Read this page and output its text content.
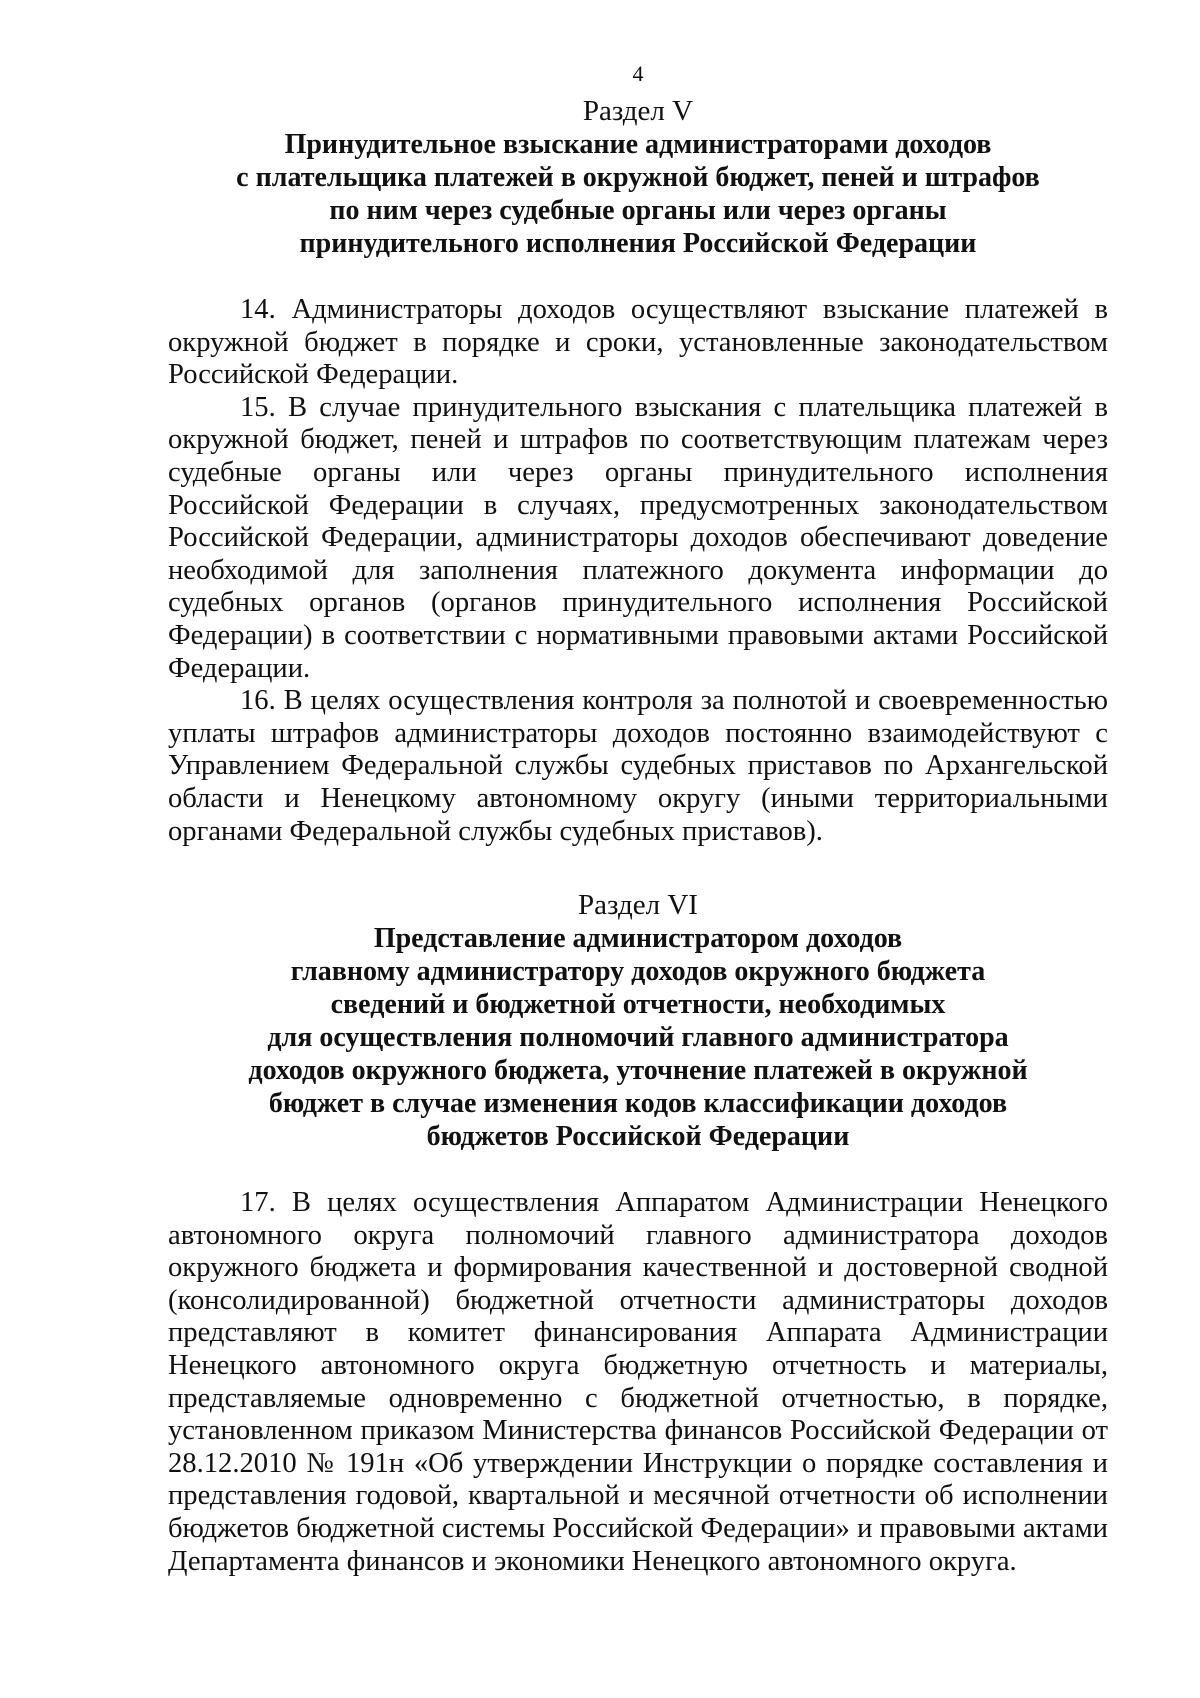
4
Раздел V
Принудительное взыскание администраторами доходов
с плательщика платежей в окружной бюджет, пеней и штрафов
по ним через судебные органы или через органы
принудительного исполнения Российской Федерации

14. Администраторы доходов осуществляют взыскание платежей в окружной бюджет в порядке и сроки, установленные законодательством Российской Федерации.

15. В случае принудительного взыскания с плательщика платежей в окружной бюджет, пеней и штрафов по соответствующим платежам через судебные органы или через органы принудительного исполнения Российской Федерации в случаях, предусмотренных законодательством Российской Федерации, администраторы доходов обеспечивают доведение необходимой для заполнения платежного документа информации до судебных органов (органов принудительного исполнения Российской Федерации) в соответствии с нормативными правовыми актами Российской Федерации.

16. В целях осуществления контроля за полнотой и своевременностью уплаты штрафов администраторы доходов постоянно взаимодействуют с Управлением Федеральной службы судебных приставов по Архангельской области и Ненецкому автономному округу (иными территориальными органами Федеральной службы судебных приставов).

Раздел VI
Представление администратором доходов
главному администратору доходов окружного бюджета
сведений и бюджетной отчетности, необходимых
для осуществления полномочий главного администратора
доходов окружного бюджета, уточнение платежей в окружной
бюджет в случае изменения кодов классификации доходов
бюджетов Российской Федерации

17. В целях осуществления Аппаратом Администрации Ненецкого автономного округа полномочий главного администратора доходов окружного бюджета и формирования качественной и достоверной сводной (консолидированной) бюджетной отчетности администраторы доходов представляют в комитет финансирования Аппарата Администрации Ненецкого автономного округа бюджетную отчетность и материалы, представляемые одновременно с бюджетной отчетностью, в порядке, установленном приказом Министерства финансов Российской Федерации от 28.12.2010 № 191н «Об утверждении Инструкции о порядке составления и представления годовой, квартальной и месячной отчетности об исполнении бюджетов бюджетной системы Российской Федерации» и правовыми актами Департамента финансов и экономики Ненецкого автономного округа.
